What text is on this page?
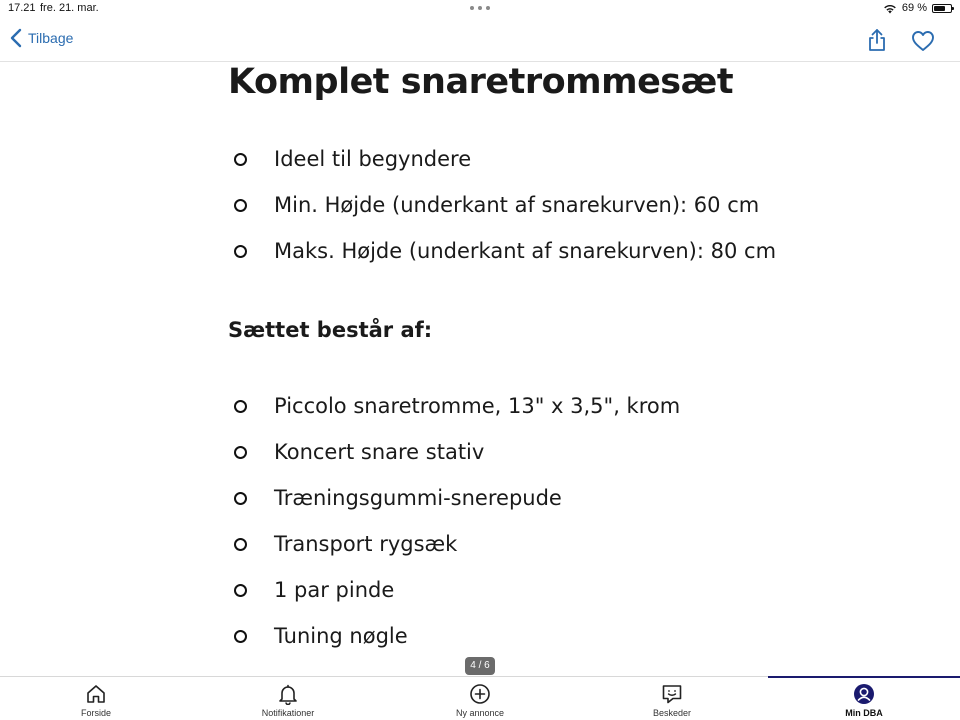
17.21 fre. 21. mar.	69 %
Tilbage
Komplet snaretrommesæt
Ideel til begyndere
Min. Højde (underkant af snarekurven): 60 cm
Maks. Højde (underkant af snarekurven): 80 cm
Sættet består af:
Piccolo snaretromme, 13" x 3,5", krom
Koncert snare stativ
Træningsgummi-snerepude
Transport rygsæk
1 par pinde
Tuning nøgle
4 / 6
Forside	Notifikationer	Ny annonce	Beskeder	Min DBA
